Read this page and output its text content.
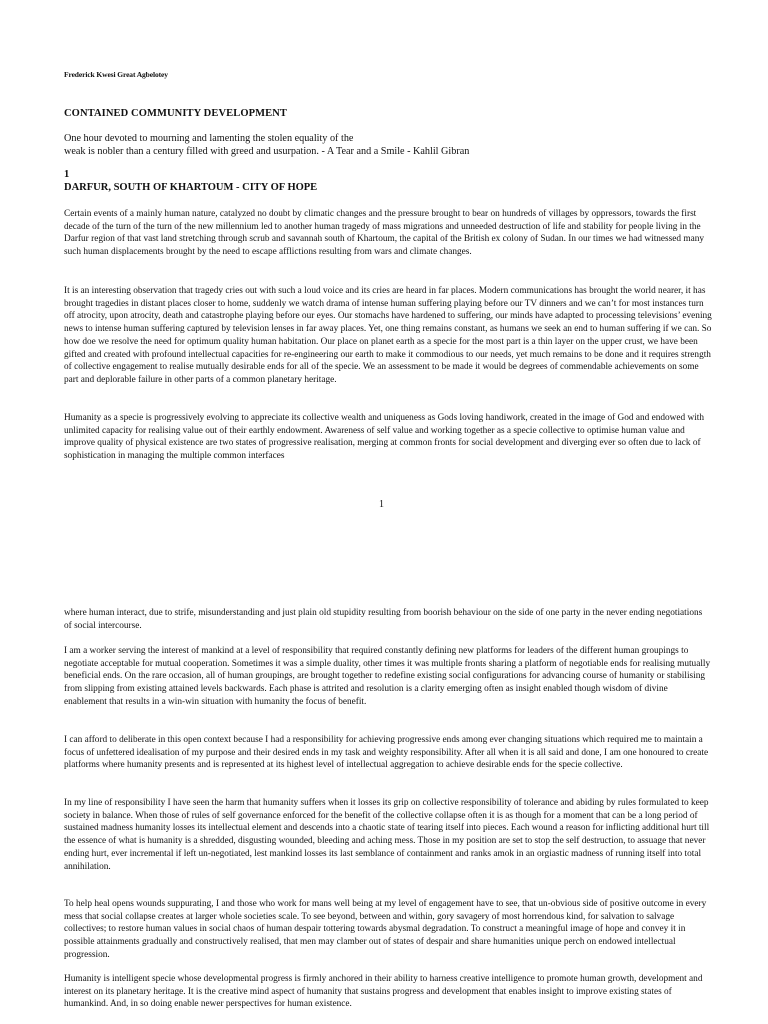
Frederick Kwesi Great Agbelotey
CONTAINED COMMUNITY DEVELOPMENT
One hour devoted to mourning and lamenting the stolen equality of the
weak is nobler than a century filled with greed and usurpation. - A Tear and a Smile - Kahlil Gibran
1
DARFUR, SOUTH OF KHARTOUM - CITY OF HOPE
Certain events of a mainly human nature, catalyzed no doubt by climatic changes and the pressure brought to bear on hundreds of villages by oppressors, towards the first decade of the turn of the turn of the new millennium led to another human tragedy of mass migrations and unneeded destruction of life and stability for people living in the Darfur region of that vast land stretching through scrub and savannah south of Khartoum, the capital of the British ex colony of Sudan. In our times we had witnessed many such human displacements brought by the need to escape afflictions resulting from wars and climate changes.
It is an interesting observation that tragedy cries out with such a loud voice and its cries are heard in far places. Modern communications has brought the world nearer, it has brought tragedies in distant places closer to home, suddenly we watch drama of intense human suffering playing before our TV dinners and we can’t for most instances turn off atrocity, upon atrocity, death and catastrophe playing before our eyes. Our stomachs have hardened to suffering, our minds have adapted to processing televisions’ evening news to intense human suffering captured by television lenses in far away places. Yet, one thing remains constant, as humans we seek an end to human suffering if we can. So how doe we resolve the need for optimum quality human habitation. Our place on planet earth as a specie for the most part is a thin layer on the upper crust, we have been gifted and created with profound intellectual capacities for re-engineering our earth to make it commodious to our needs, yet much remains to be done and it requires strength of collective engagement to realise mutually desirable ends for all of the specie. We an assessment to be made it would be degrees of commendable achievements on some part and deplorable failure in other parts of a common planetary heritage.
Humanity as a specie is progressively evolving to appreciate its collective wealth and uniqueness as Gods loving handiwork, created in the image of God and endowed with unlimited capacity for realising value out of their earthly endowment. Awareness of self value and working together as a specie collective to optimise human value and improve quality of physical existence are two states of progressive realisation, merging at common fronts for social development and diverging ever so often due to lack of sophistication in managing the multiple common interfaces
1
where human interact, due to strife, misunderstanding and just plain old stupidity resulting from boorish behaviour on the side of one party in the never ending negotiations of social intercourse.
I am a worker serving the interest of mankind at a level of responsibility that required constantly defining new platforms for leaders of the different human groupings to negotiate acceptable for mutual cooperation. Sometimes it was a simple duality, other times it was multiple fronts sharing a platform of negotiable ends for realising mutually beneficial ends. On the rare occasion, all of human groupings, are brought together to redefine existing social configurations for advancing course of humanity or stabilising from slipping from existing attained levels backwards. Each phase is attrited and resolution is a clarity emerging often as insight enabled though wisdom of divine enablement that results in a win-win situation with humanity the focus of benefit.
I can afford to deliberate in this open context because I had a responsibility for achieving progressive ends among ever changing situations which required me to maintain a focus of unfettered idealisation of my purpose and their desired ends in my task and weighty responsibility. After all when it is all said and done, I am one honoured to create platforms where humanity presents and is represented at its highest level of intellectual aggregation to achieve desirable ends for the specie collective.
In my line of responsibility I have seen the harm that humanity suffers when it losses its grip on collective responsibility of tolerance and abiding by rules formulated to keep society in balance. When those of rules of self governance enforced for the benefit of the collective collapse often it is as though for a moment that can be a long period of sustained madness humanity losses its intellectual element and descends into a chaotic state of tearing itself into pieces. Each wound a reason for inflicting additional hurt till the essence of what is humanity is a shredded, disgusting wounded, bleeding and aching mess. Those in my position are set to stop the self destruction, to assuage that never ending hurt, ever incremental if left un-negotiated, lest mankind losses its last semblance of containment and ranks amok in an orgiastic madness of running itself into total annihilation.
To help heal opens wounds suppurating, I and those who work for mans well being at my level of engagement have to see, that un-obvious side of positive outcome in every mess that social collapse creates at larger whole societies scale. To see beyond, between and within, gory savagery of most horrendous kind, for salvation to salvage collectives; to restore human values in social chaos of human despair tottering towards abysmal degradation. To construct a meaningful image of hope and convey it in possible attainments gradually and constructively realised, that men may clamber out of states of despair and share humanities unique perch on endowed intellectual progression.
Humanity is intelligent specie whose developmental progress is firmly anchored in their ability to harness creative intelligence to promote human growth, development and interest on its planetary heritage. It is the creative mind aspect of humanity that sustains progress and development that enables insight to improve existing states of humankind. And, in so doing enable newer perspectives for human existence.
